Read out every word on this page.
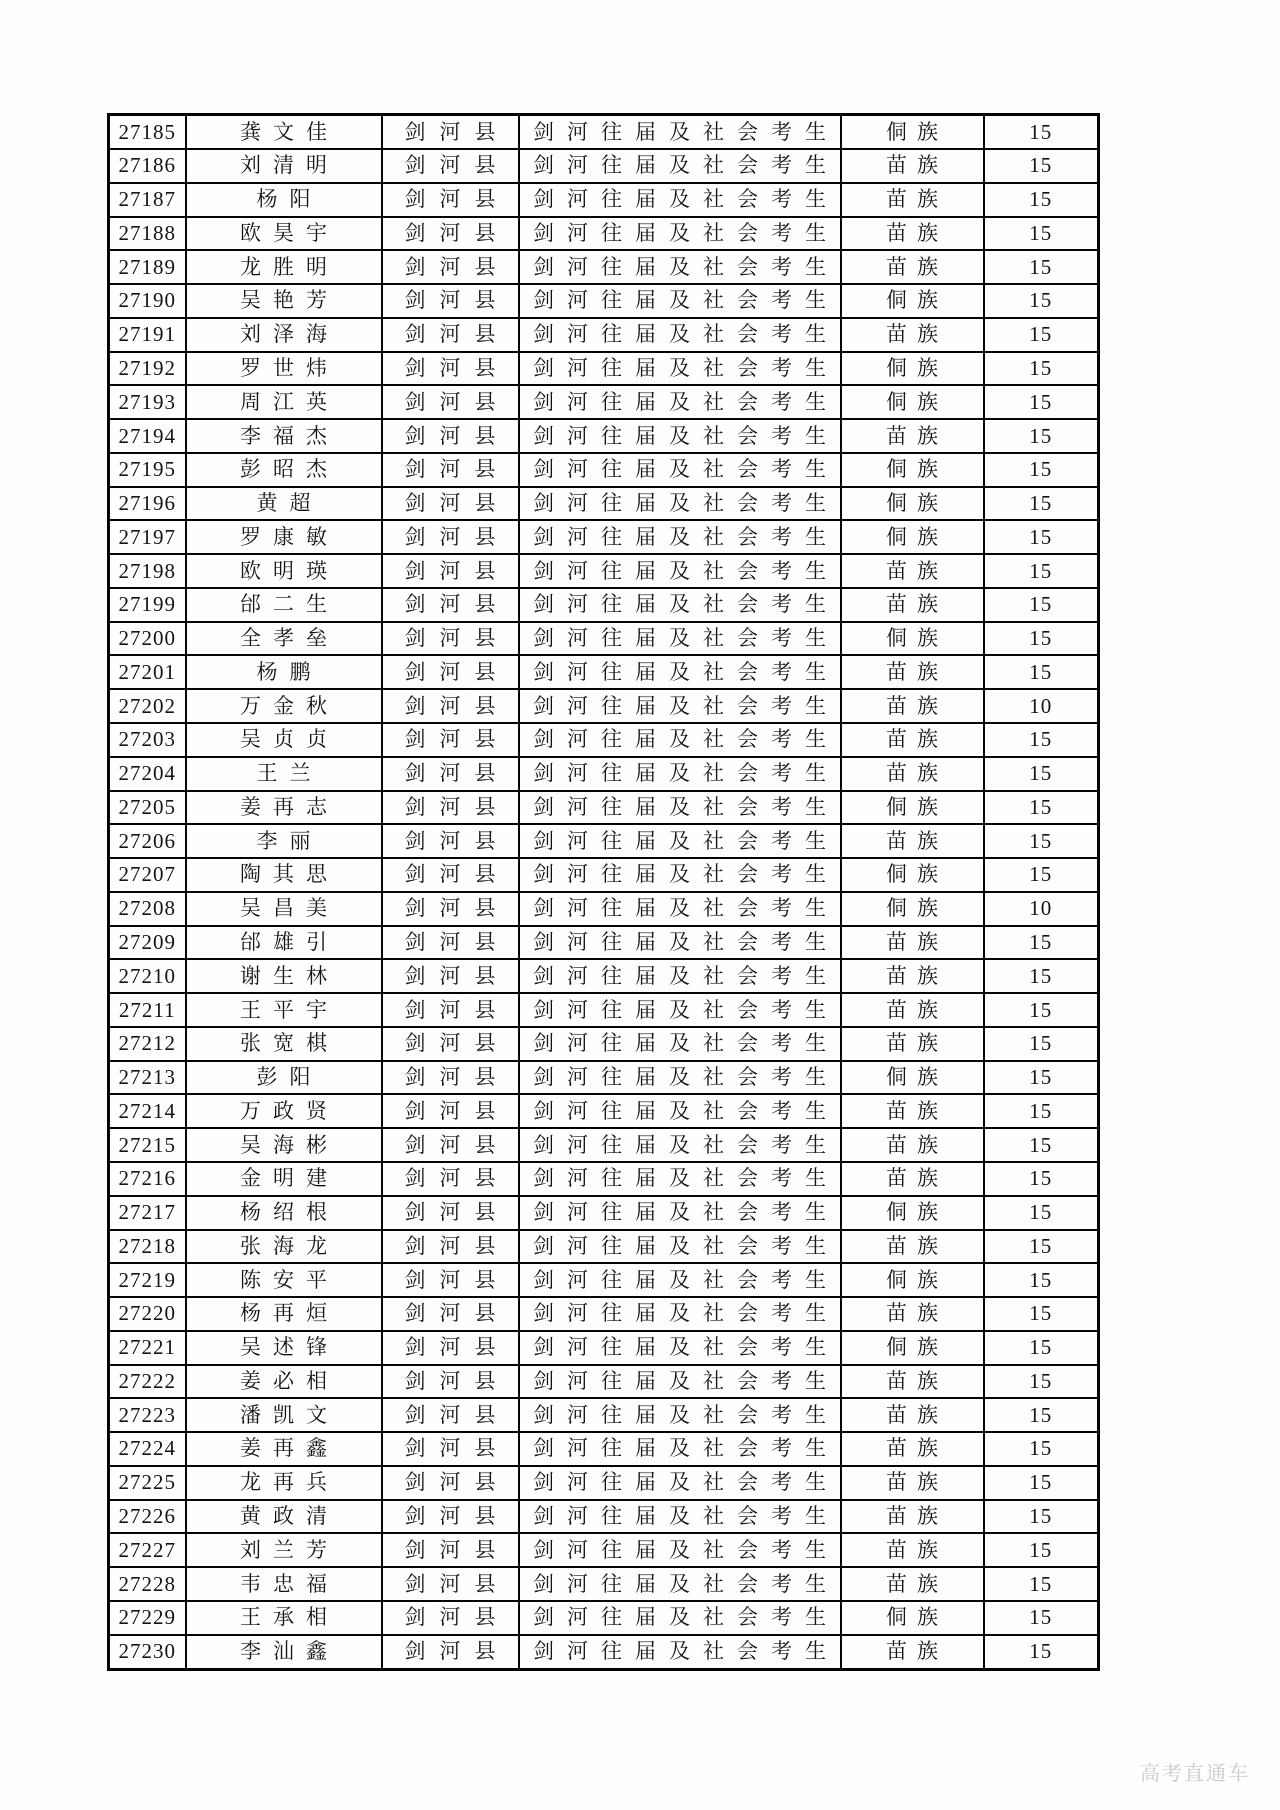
27185	龚文佳	剑河县	剑河往届及社会考生	侗族	15
27186	刘清明	剑河县	剑河往届及社会考生	苗族	15
27187	杨阳	剑河县	剑河往届及社会考生	苗族	15
27188	欧昊宇	剑河县	剑河往届及社会考生	苗族	15
27189	龙胜明	剑河县	剑河往届及社会考生	苗族	15
27190	吴艳芳	剑河县	剑河往届及社会考生	侗族	15
27191	刘泽海	剑河县	剑河往届及社会考生	苗族	15
27192	罗世炜	剑河县	剑河往届及社会考生	侗族	15
27193	周江英	剑河县	剑河往届及社会考生	侗族	15
27194	李福杰	剑河县	剑河往届及社会考生	苗族	15
27195	彭昭杰	剑河县	剑河往届及社会考生	侗族	15
27196	黄超	剑河县	剑河往届及社会考生	侗族	15
27197	罗康敏	剑河县	剑河往届及社会考生	侗族	15
27198	欧明瑛	剑河县	剑河往届及社会考生	苗族	15
27199	邰二生	剑河县	剑河往届及社会考生	苗族	15
27200	全孝垒	剑河县	剑河往届及社会考生	侗族	15
27201	杨鹏	剑河县	剑河往届及社会考生	苗族	15
27202	万金秋	剑河县	剑河往届及社会考生	苗族	10
27203	吴贞贞	剑河县	剑河往届及社会考生	苗族	15
27204	王兰	剑河县	剑河往届及社会考生	苗族	15
27205	姜再志	剑河县	剑河往届及社会考生	侗族	15
27206	李丽	剑河县	剑河往届及社会考生	苗族	15
27207	陶其思	剑河县	剑河往届及社会考生	侗族	15
27208	吴昌美	剑河县	剑河往届及社会考生	侗族	10
27209	邰雄引	剑河县	剑河往届及社会考生	苗族	15
27210	谢生林	剑河县	剑河往届及社会考生	苗族	15
27211	王平宇	剑河县	剑河往届及社会考生	苗族	15
27212	张宽棋	剑河县	剑河往届及社会考生	苗族	15
27213	彭阳	剑河县	剑河往届及社会考生	侗族	15
27214	万政贤	剑河县	剑河往届及社会考生	苗族	15
27215	吴海彬	剑河县	剑河往届及社会考生	苗族	15
27216	金明建	剑河县	剑河往届及社会考生	苗族	15
27217	杨绍根	剑河县	剑河往届及社会考生	侗族	15
27218	张海龙	剑河县	剑河往届及社会考生	苗族	15
27219	陈安平	剑河县	剑河往届及社会考生	侗族	15
27220	杨再烜	剑河县	剑河往届及社会考生	苗族	15
27221	吴述锋	剑河县	剑河往届及社会考生	侗族	15
27222	姜必相	剑河县	剑河往届及社会考生	苗族	15
27223	潘凯文	剑河县	剑河往届及社会考生	苗族	15
27224	姜再鑫	剑河县	剑河往届及社会考生	苗族	15
27225	龙再兵	剑河县	剑河往届及社会考生	苗族	15
27226	黄政清	剑河县	剑河往届及社会考生	苗族	15
27227	刘兰芳	剑河县	剑河往届及社会考生	苗族	15
27228	韦忠福	剑河县	剑河往届及社会考生	苗族	15
27229	王承相	剑河县	剑河往届及社会考生	侗族	15
27230	李汕鑫	剑河县	剑河往届及社会考生	苗族	15
高考直通车
